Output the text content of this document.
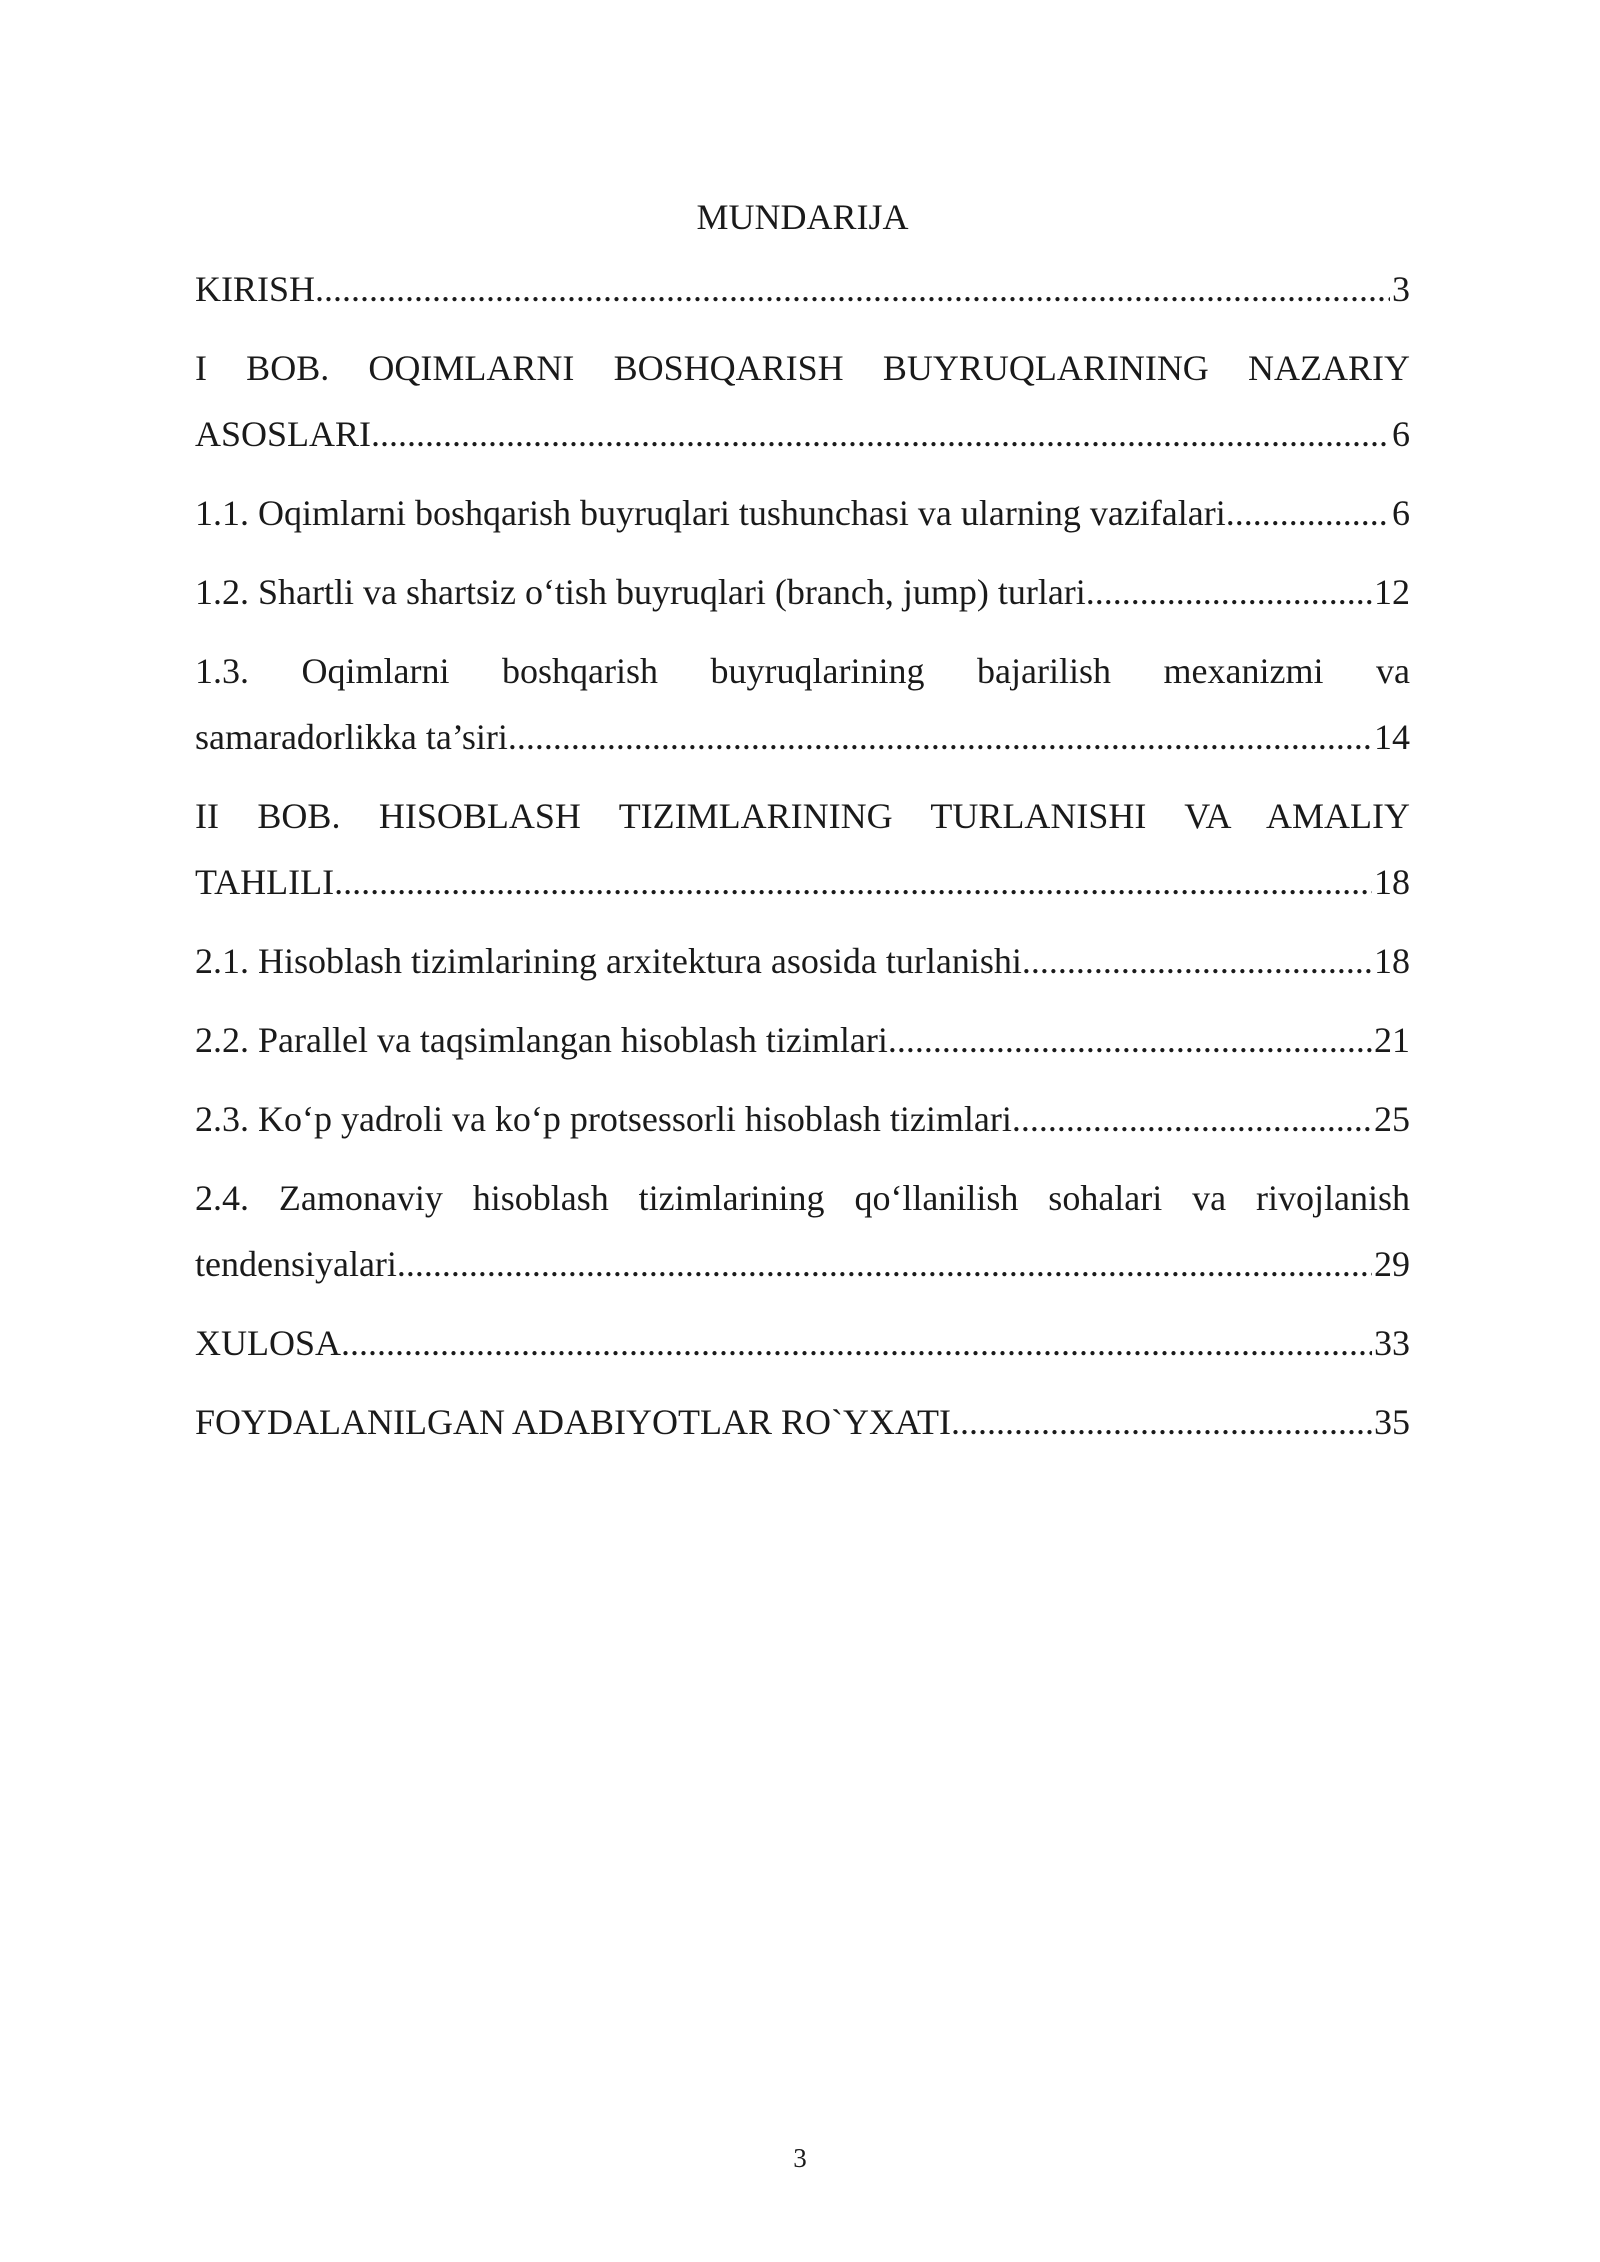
MUNDARIJA
KIRISH .....	3
I BOB. OQIMLARNI BOSHQARISH BUYRUQLARINING NAZARIY
ASOSLARI .....	6
1.1. Oqimlarni boshqarish buyruqlari tushunchasi va ularning vazifalari .....	6
1.2. Shartli va shartsiz o‘tish buyruqlari (branch, jump) turlari .....	12
1.3. Oqimlarni boshqarish buyruqlarining bajarilish mexanizmi va
samaradorlikka ta’siri .....	14
II BOB. HISOBLASH TIZIMLARINING TURLANISHI VA AMALIY
TAHLILI .....	18
2.1. Hisoblash tizimlarining arxitektura asosida turlanishi .....	18
2.2. Parallel va taqsimlangan hisoblash tizimlari .....	21
2.3. Ko‘p yadroli va ko‘p protsessorli hisoblash tizimlari .....	25
2.4. Zamonaviy hisoblash tizimlarining qo‘llanilish sohalari va rivojlanish
tendensiyalari .....	29
XULOSA .....	33
FOYDALANILGAN ADABIYOTLAR RO`YXATI .....	35
3
